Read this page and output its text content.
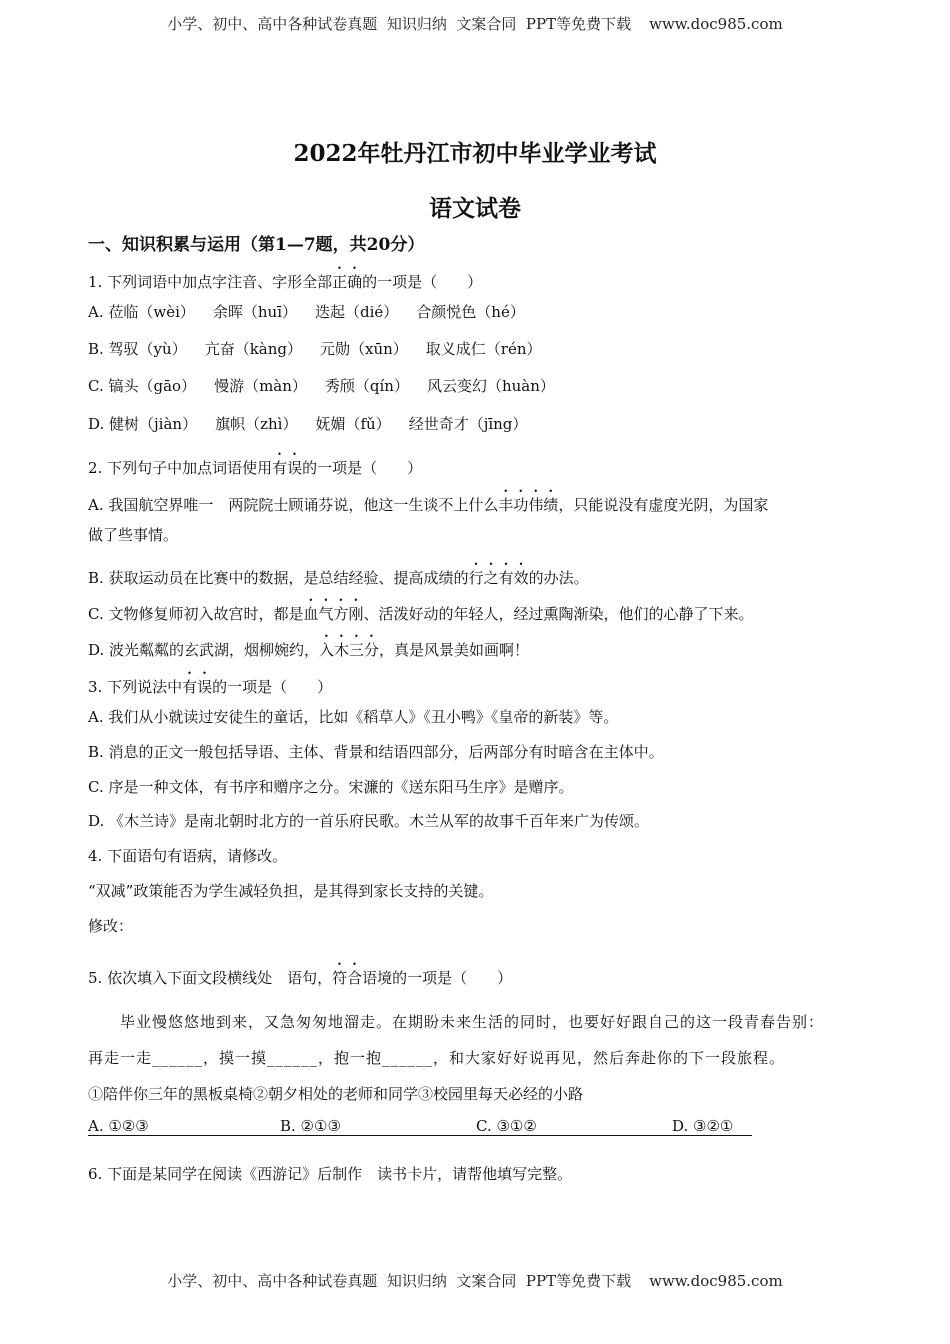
小学、初中、高中各种试卷真题  知识归纳  文案合同  PPT等免费下载 www.doc985.com
2022年牡丹江市初中毕业学业考试
语文试卷
一、知识积累与运用（第1—7题，共20分）
1. 下列词语中加点字注音、字形全部正确的一项是（　　）
A. 莅临（wèi） 余晖（huī） 迭起（dié） 合颜悦色（hé）
B. 驾驭（yù） 亢奋（kàng） 元勋（xūn） 取义成仁（rén）
C. 镐头（gāo） 慢游（màn） 秀颀（qín） 风云变幻（huàn）
D. 健树（jiàn） 旗帜（zhì） 妩媚（fǔ） 经世奇才（jīng）
2. 下列句子中加点词语使用有误的一项是（　　）
A. 我国航空界唯一　两院院士顾诵芬说，他这一生谈不上什么丰功伟绩，只能说没有虚度光阴，为国家
做了些事情。
B. 获取运动员在比赛中的数据，是总结经验、提高成绩的行之有效的办法。
C. 文物修复师初入故宫时，都是血气方刚、活泼好动的年轻人，经过熏陶渐染，他们的心静了下来。
D. 波光粼粼的玄武湖，烟柳婉约，入木三分，真是风景美如画啊！
3. 下列说法中有误的一项是（　　）
A. 我们从小就读过安徒生的童话，比如《稻草人》《丑小鸭》《皇帝的新装》等。
B. 消息的正文一般包括导语、主体、背景和结语四部分，后两部分有时暗含在主体中。
C. 序是一种文体，有书序和赠序之分。宋濂的《送东阳马生序》是赠序。
D. 《木兰诗》是南北朝时北方的一首乐府民歌。木兰从军的故事千百年来广为传颂。
4. 下面语句有语病，请修改。
“双减”政策能否为学生减轻负担，是其得到家长支持的关键。
修改：
5. 依次填入下面文段横线处　语句，符合语境的一项是（　　）
毕业慢悠悠地到来，又急匆匆地溜走。在期盼未来生活的同时，也要好好跟自己的这一段青春告别：
再走一走______，摸一摸______，抱一抱______，和大家好好说再见，然后奔赴你的下一段旅程。
①陪伴你三年的黑板桌椅②朝夕相处的老师和同学③校园里每天必经的小路
A. ①②③	B. ②①③	C. ③①②	D. ③②①
6. 下面是某同学在阅读《西游记》后制作　读书卡片，请帮他填写完整。
小学、初中、高中各种试卷真题  知识归纳  文案合同  PPT等免费下载 www.doc985.com
